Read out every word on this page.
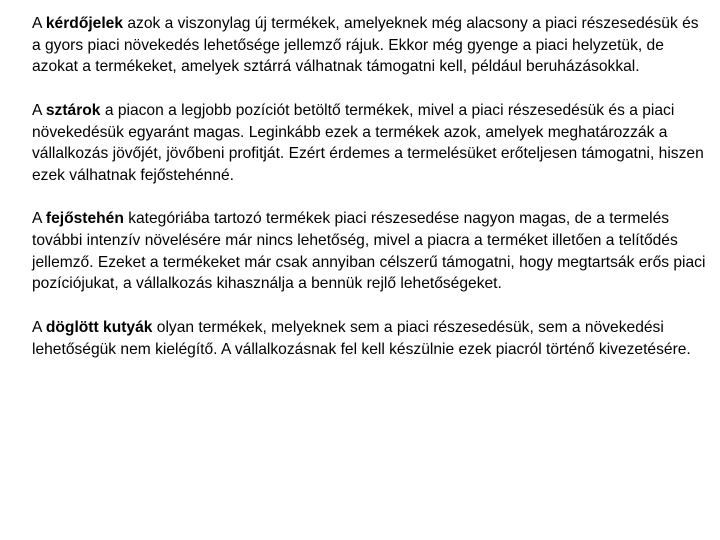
A kérdőjelek azok a viszonylag új termékek, amelyeknek még alacsony a piaci részesedésük és a gyors piaci növekedés lehetősége jellemző rájuk. Ekkor még gyenge a piaci helyzetük, de azokat a termékeket, amelyek sztárrá válhatnak támogatni kell, például beruházásokkal.

A sztárok a piacon a legjobb pozíciót betöltő termékek, mivel a piaci részesedésük és a piaci növekedésük egyaránt magas. Leginkább ezek a termékek azok, amelyek meghatározzák a vállalkozás jövőjét, jövőbeni profitját. Ezért érdemes a termelésüket erőteljesen támogatni, hiszen ezek válhatnak fejőstehénné.

A fejőstehén kategóriába tartozó termékek piaci részesedése nagyon magas, de a termelés további intenzív növelésére már nincs lehetőség, mivel a piacra a terméket illetően a telítődés jellemző. Ezeket a termékeket már csak annyiban célszerű támogatni, hogy megtartsák erős piaci pozíciójukat, a vállalkozás kihasználja a bennük rejlő lehetőségeket.

A döglött kutyák olyan termékek, melyeknek sem a piaci részesedésük, sem a növekedési lehetőségük nem kielégítő. A vállalkozásnak fel kell készülnie ezek piacról történő kivezetésére.
